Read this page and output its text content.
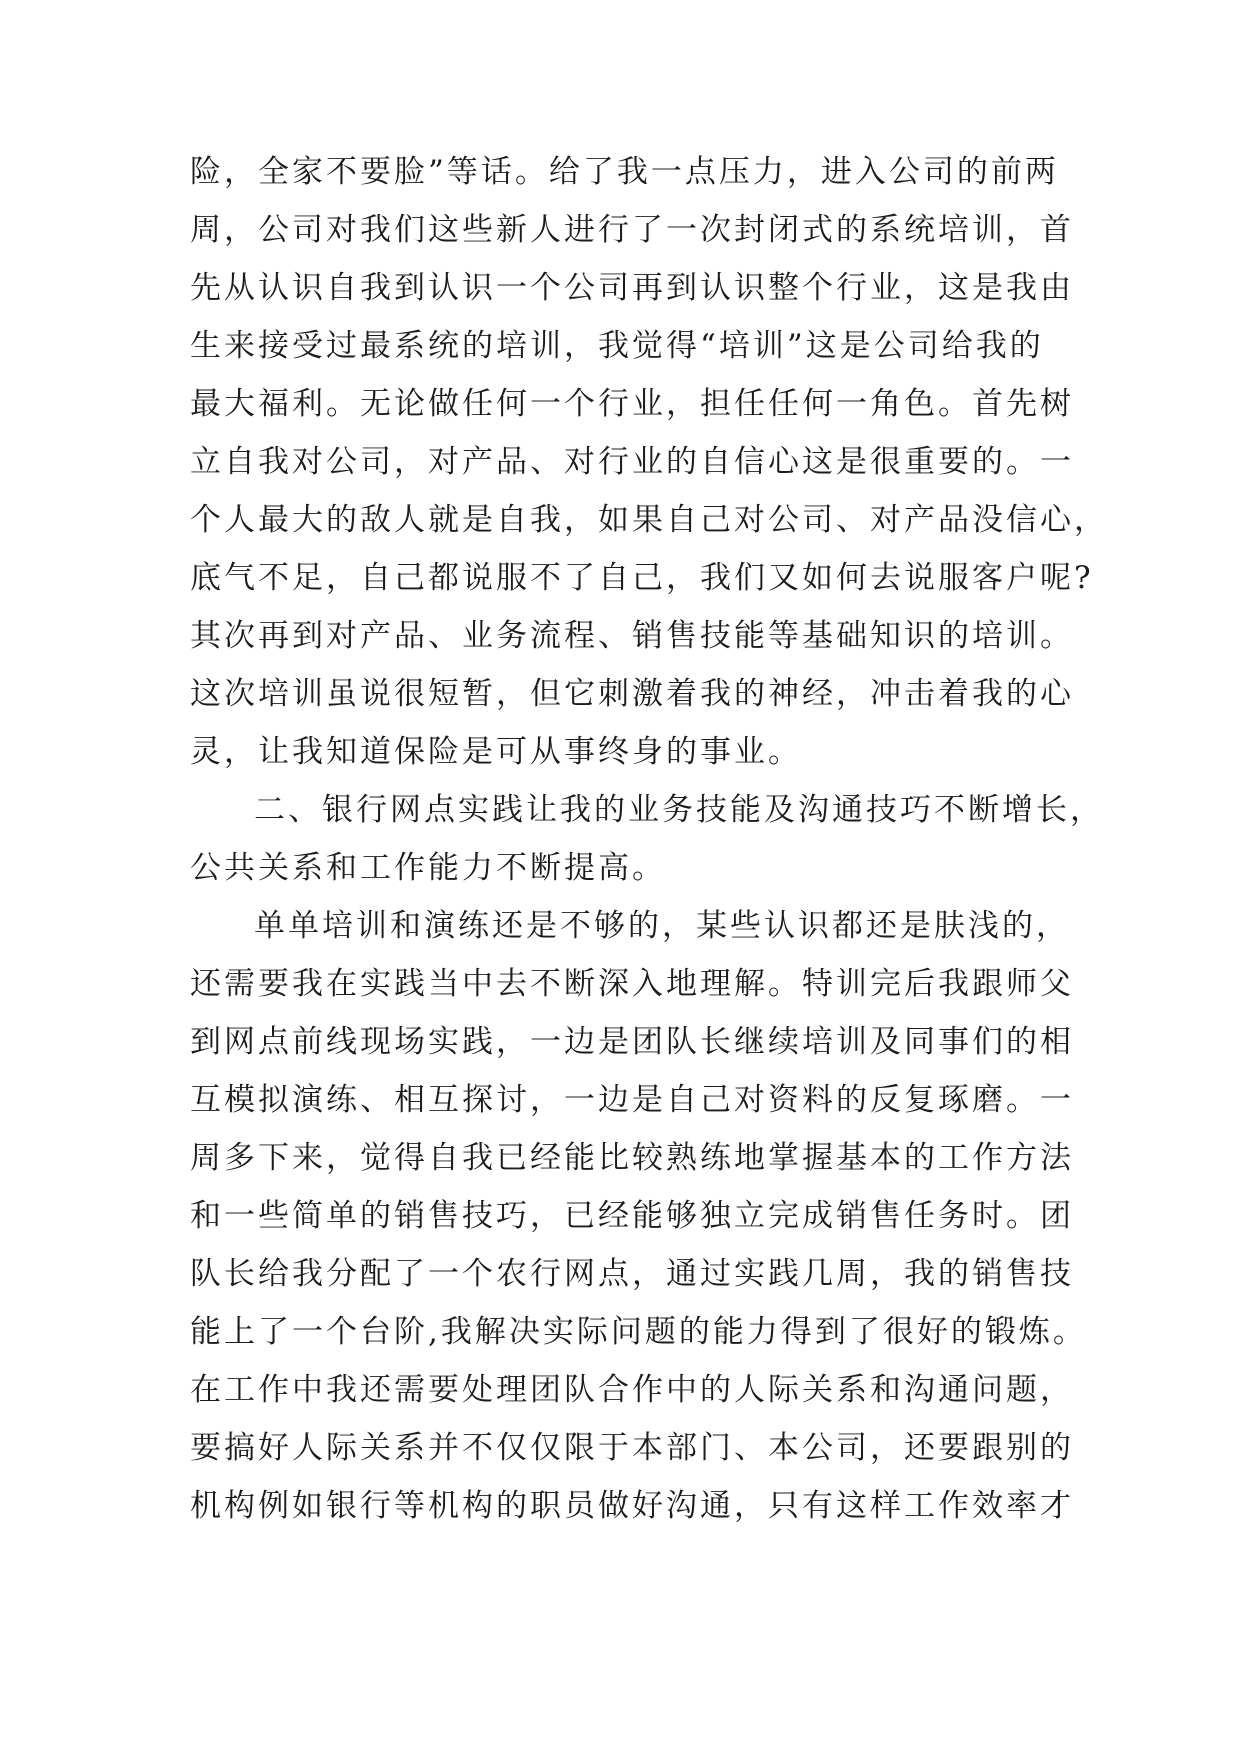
险，全家不要脸”等话。给了我一点压力，进入公司的前两
周，公司对我们这些新人进行了一次封闭式的系统培训，首
先从认识自我到认识一个公司再到认识整个行业，这是我由
生来接受过最系统的培训，我觉得“培训”这是公司给我的
最大福利。无论做任何一个行业，担任任何一角色。首先树
立自我对公司，对产品、对行业的自信心这是很重要的。一
个人最大的敌人就是自我，如果自己对公司、对产品没信心，
底气不足，自己都说服不了自己，我们又如何去说服客户呢?
其次再到对产品、业务流程、销售技能等基础知识的培训。
这次培训虽说很短暂，但它刺激着我的神经，冲击着我的心
灵，让我知道保险是可从事终身的事业。
二、银行网点实践让我的业务技能及沟通技巧不断增长，
公共关系和工作能力不断提高。
单单培训和演练还是不够的，某些认识都还是肤浅的，
还需要我在实践当中去不断深入地理解。特训完后我跟师父
到网点前线现场实践，一边是团队长继续培训及同事们的相
互模拟演练、相互探讨，一边是自己对资料的反复琢磨。一
周多下来，觉得自我已经能比较熟练地掌握基本的工作方法
和一些简单的销售技巧，已经能够独立完成销售任务时。团
队长给我分配了一个农行网点，通过实践几周，我的销售技
能上了一个台阶,我解决实际问题的能力得到了很好的锻炼。
在工作中我还需要处理团队合作中的人际关系和沟通问题，
要搞好人际关系并不仅仅限于本部门、本公司，还要跟别的
机构例如银行等机构的职员做好沟通，只有这样工作效率才
